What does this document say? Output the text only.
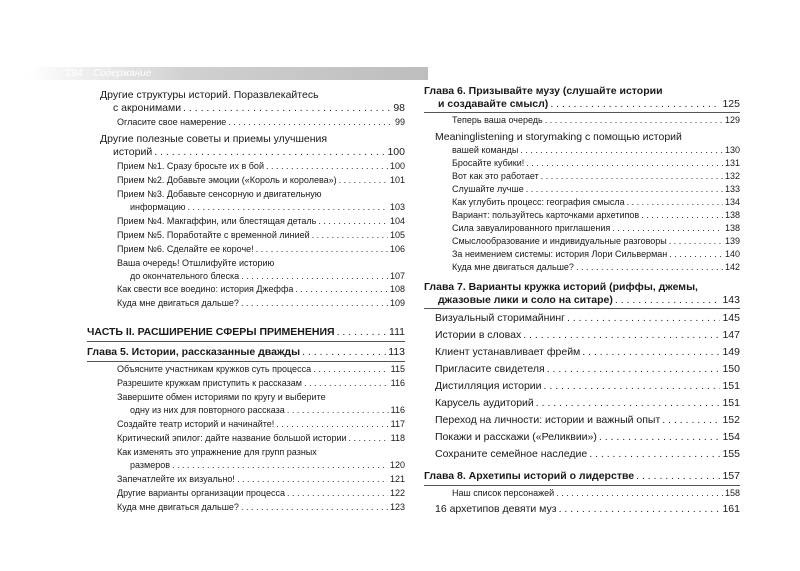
284 Содержание
Другие структуры историй. Поразвлекайтесь
с акронимами . . .	98
Огласите свое намерение . . .	99
Другие полезные советы и приемы улучшения
историй . . .	100
Прием №1. Сразу бросьте их в бой . . .	100
Прием №2. Добавьте эмоции («Король и королева») . . .	101
Прием №3. Добавьте сенсорную и двигательную
информацию . . .	103
Прием №4. Макгаффин, или блестящая деталь . . .	104
Прием №5. Поработайте с временной линией . . .	105
Прием №6. Сделайте ее короче! . . .	106
Ваша очередь! Отшлифуйте историю
до окончательного блеска . . .	107
Как свести все воедино: история Джеффа . . .	108
Куда мне двигаться дальше? . . .	109
ЧАСТЬ II. РАСШИРЕНИЕ СФЕРЫ ПРИМЕНЕНИЯ . . .	111
Глава 5. Истории, рассказанные дважды . . .	113
Объясните участникам кружков суть процесса . . .	115
Разрешите кружкам приступить к рассказам . . .	116
Завершите обмен историями по кругу и выберите
одну из них для повторного рассказа . . .	116
Создайте театр историй и начинайте! . . .	117
Критический эпилог: дайте название большой истории . . .	118
Как изменять это упражнение для групп разных
размеров . . .	120
Запечатлейте их визуально! . . .	121
Другие варианты организации процесса . . .	122
Куда мне двигаться дальше? . . .	123
Глава 6. Призывайте музу (слушайте истории
и создавайте смысл) . . .	125
Теперь ваша очередь . . .	129
Meaninglistening и storymaking с помощью историй
вашей команды . . .	130
Бросайте кубики! . . .	131
Вот как это работает . . .	132
Слушайте лучше . . .	133
Как углубить процесс: география смысла . . .	134
Вариант: пользуйтесь карточками архетипов . . .	138
Сила завуалированного приглашения . . .	138
Смыслообразование и индивидуальные разговоры . . .	139
За неимением системы: история Лори Сильверман . . .	140
Куда мне двигаться дальше? . . .	142
Глава 7. Варианты кружка историй (риффы, джемы,
джазовые лики и соло на ситаре) . . .	143
Визуальный сторимайнинг . . .	145
Истории в словах . . .	147
Клиент устанавливает фрейм . . .	149
Пригласите свидетеля . . .	150
Дистилляция истории . . .	151
Карусель аудиторий . . .	151
Переход на личности: истории и важный опыт . . .	152
Покажи и расскажи («Реликвии») . . .	154
Сохраните семейное наследие . . .	155
Глава 8. Архетипы историй о лидерстве . . .	157
Наш список персонажей . . .	158
16 архетипов девяти муз . . .	161
